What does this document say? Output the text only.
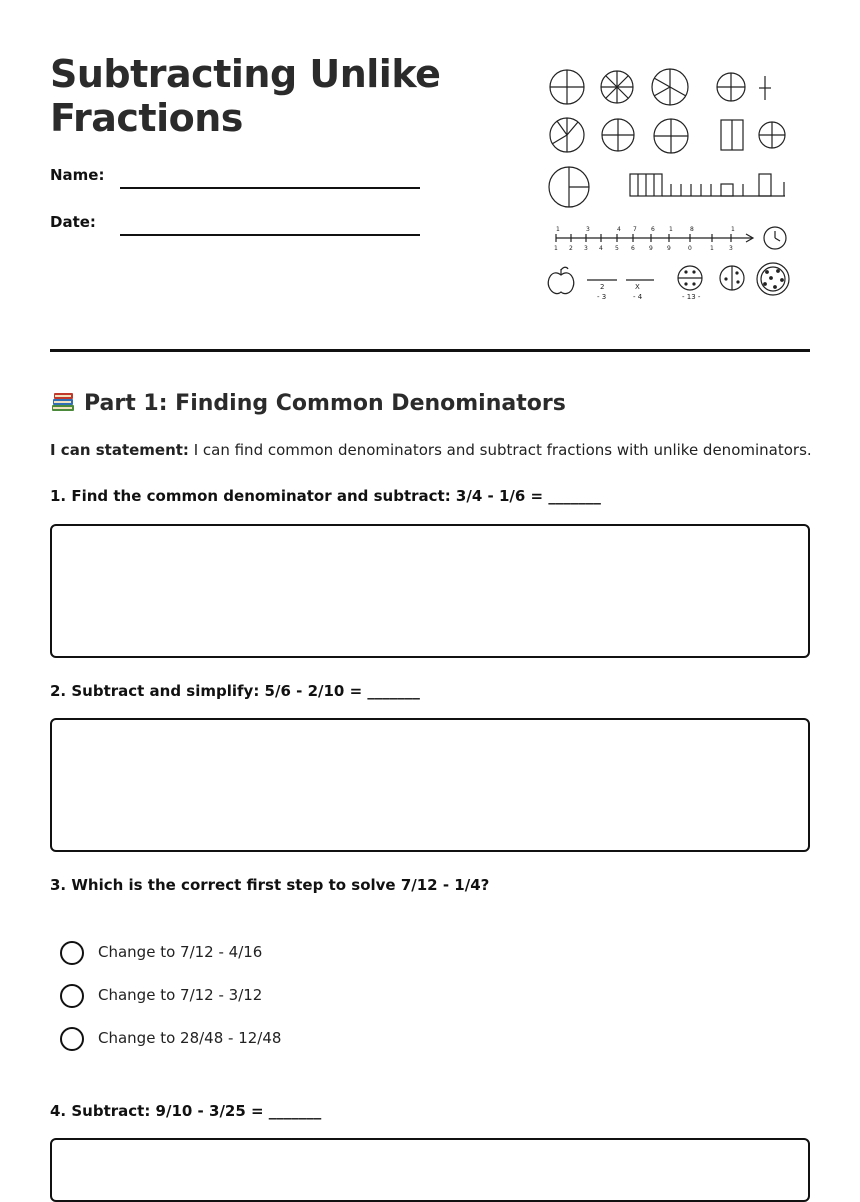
Subtracting Unlike
Fractions
Name:
Date:	1	3	4 7 6 1	8	1
1 2 3 4 5 6 9 9	0	1	3
2
- 3
X
- 4	- 13 -
Part 1: Finding Common Denominators
I can statement: I can find common denominators and subtract fractions with unlike denominators.
1. Find the common denominator and subtract: 3/4 - 1/6 = _______
2. Subtract and simplify: 5/6 - 2/10 = _______
3. Which is the correct first step to solve 7/12 - 1/4?
Change to 7/12 - 4/16
Change to 7/12 - 3/12
Change to 28/48 - 12/48
4. Subtract: 9/10 - 3/25 = _______
